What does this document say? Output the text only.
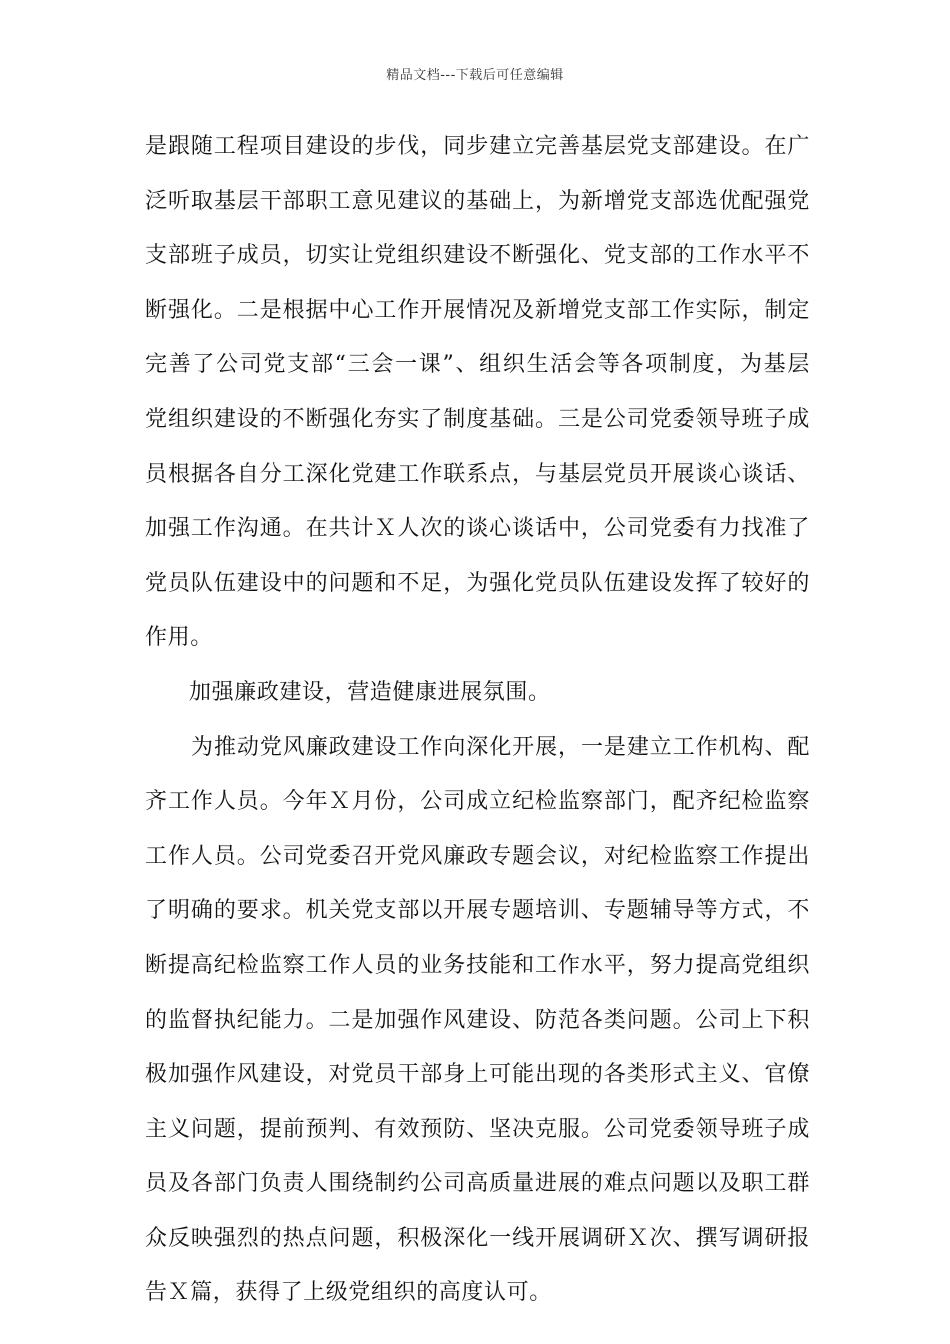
精品文档---下载后可任意编辑
是跟随工程项目建设的步伐，同步建立完善基层党支部建设。在广
泛听取基层干部职工意见建议的基础上，为新增党支部选优配强党
支部班子成员，切实让党组织建设不断强化、党支部的工作水平不
断强化。二是根据中心工作开展情况及新增党支部工作实际，制定
完善了公司党支部“三会一课”、组织生活会等各项制度，为基层
党组织建设的不断强化夯实了制度基础。三是公司党委领导班子成
员根据各自分工深化党建工作联系点，与基层党员开展谈心谈话、
加强工作沟通。在共计Ｘ人次的谈心谈话中，公司党委有力找准了
党员队伍建设中的问题和不足，为强化党员队伍建设发挥了较好的
作用。
加强廉政建设，营造健康进展氛围。
为推动党风廉政建设工作向深化开展，一是建立工作机构、配
齐工作人员。今年Ｘ月份，公司成立纪检监察部门，配齐纪检监察
工作人员。公司党委召开党风廉政专题会议，对纪检监察工作提出
了明确的要求。机关党支部以开展专题培训、专题辅导等方式，不
断提高纪检监察工作人员的业务技能和工作水平，努力提高党组织
的监督执纪能力。二是加强作风建设、防范各类问题。公司上下积
极加强作风建设，对党员干部身上可能出现的各类形式主义、官僚
主义问题，提前预判、有效预防、坚决克服。公司党委领导班子成
员及各部门负责人围绕制约公司高质量进展的难点问题以及职工群
众反映强烈的热点问题，积极深化一线开展调研Ｘ次、撰写调研报
告Ｘ篇，获得了上级党组织的高度认可。
